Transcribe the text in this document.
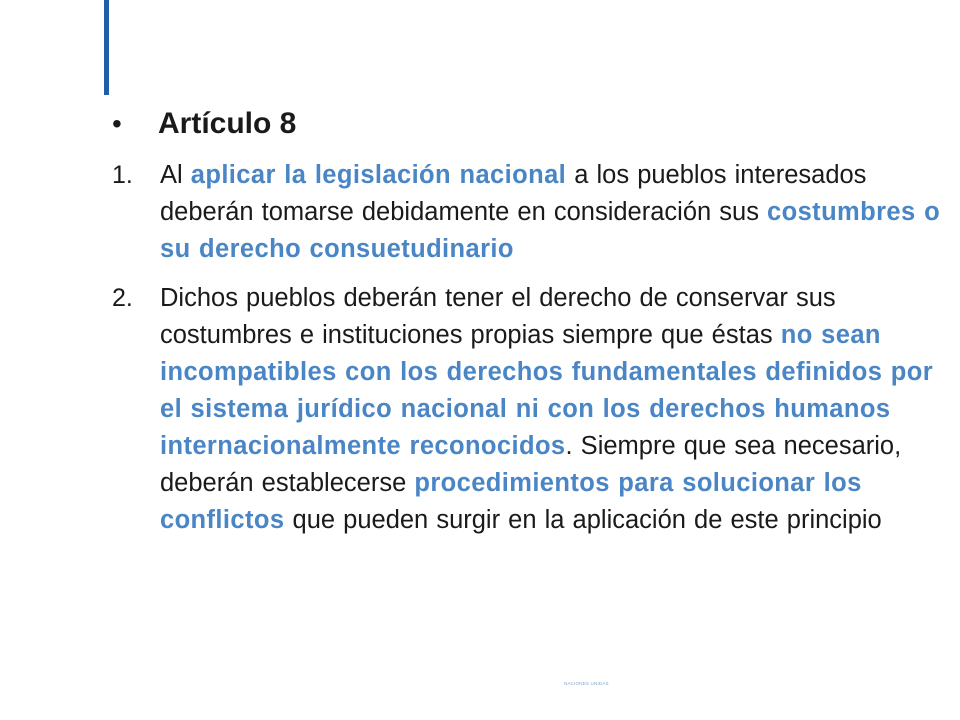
•	Artículo 8
1.	Al aplicar la legislación nacional a los pueblos interesados deberán tomarse debidamente en consideración sus costumbres o su derecho consuetudinario
2.	Dichos pueblos deberán tener el derecho de conservar sus costumbres e instituciones propias siempre que éstas no sean incompatibles con los derechos fundamentales definidos por el sistema jurídico nacional ni con los derechos humanos internacionalmente reconocidos. Siempre que sea necesario, deberán establecerse procedimientos para solucionar los conflictos que pueden surgir en la aplicación de este principio
NACIONES UNIDAS
